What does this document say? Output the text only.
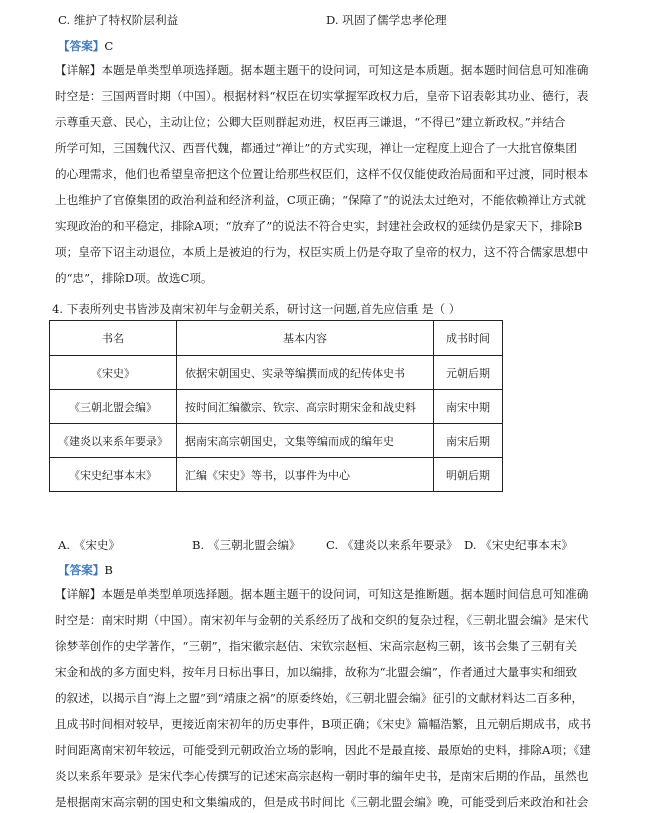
C. 维护了特权阶层利益	D. 巩固了儒学忠孝伦理
【答案】C
【详解】本题是单类型单项选择题。据本题主题干的设问词，可知这是本质题。据本题时间信息可知准确
时空是：三国两晋时期（中国）。根据材料“权臣在切实掌握军政权力后，皇帝下诏表彰其功业、德行，表
示尊重天意、民心，主动让位；公卿大臣则群起劝进，权臣再三谦退，“不得已”建立新政权。”并结合
所学可知，三国魏代汉、西晋代魏，都通过“禅让”的方式实现，禅让一定程度上迎合了一大批官僚集团
的心理需求，他们也希望皇帝把这个位置让给那些权臣们，这样不仅仅能使政治局面和平过渡，同时根本
上也维护了官僚集团的政治利益和经济利益，C项正确；“保障了”的说法太过绝对，不能依赖禅让方式就
实现政治的和平稳定，排除A项；“放弃了”的说法不符合史实，封建社会政权的延续仍是家天下，排除B
项；皇帝下诏主动退位，本质上是被迫的行为，权臣实质上仍是夺取了皇帝的权力，这不符合儒家思想中
的“忠”，排除D项。故选C项。
4. 下表所列史书皆涉及南宋初年与金朝关系，研讨这一问题,首先应信重 是（ ）
书名	基本内容	成书时间
《宋史》	依据宋朝国史、实录等编撰而成的纪传体史书	元朝后期
《三朝北盟会编》	按时间汇编徽宗、钦宗、高宗时期宋金和战史料	南宋中期
《建炎以来系年要录》	据南宋高宗朝国史，文集等编而成的编年史	南宋后期
《宋史纪事本末》	汇编《宋史》等书，以事件为中心	明朝后期
A. 《宋史》	B. 《三朝北盟会编》 C. 《建炎以来系年要录》 D. 《宋史纪事本末》
【答案】B
【详解】本题是单类型单项选择题。据本题主题干的设问词，可知这是推断题。据本题时间信息可知准确
时空是：南宋时期（中国）。南宋初年与金朝的关系经历了战和交织的复杂过程，《三朝北盟会编》是宋代
徐梦莘创作的史学著作，“三朝”，指宋徽宗赵佶、宋钦宗赵桓、宋高宗赵构三朝，该书会集了三朝有关
宋金和战的多方面史料，按年月日标出事日，加以编排，故称为“北盟会编”，作者通过大量事实和细致
的叙述，以揭示自“海上之盟”到“靖康之祸”的原委终始，《三朝北盟会编》征引的文献材料达二百多种，
且成书时间相对较早，更接近南宋初年的历史事件，B项正确；《宋史》篇幅浩繁，且元朝后期成书，成书
时间距离南宋初年较远，可能受到元朝政治立场的影响，因此不是最直接、最原始的史料，排除A项；《建
炎以来系年要录》是宋代李心传撰写的记述宋高宗赵构一朝时事的编年史书，是南宋后期的作品，虽然也
是根据南宋高宗朝的国史和文集编成的，但是成书时间比《三朝北盟会编》晚，可能受到后来政治和社会
